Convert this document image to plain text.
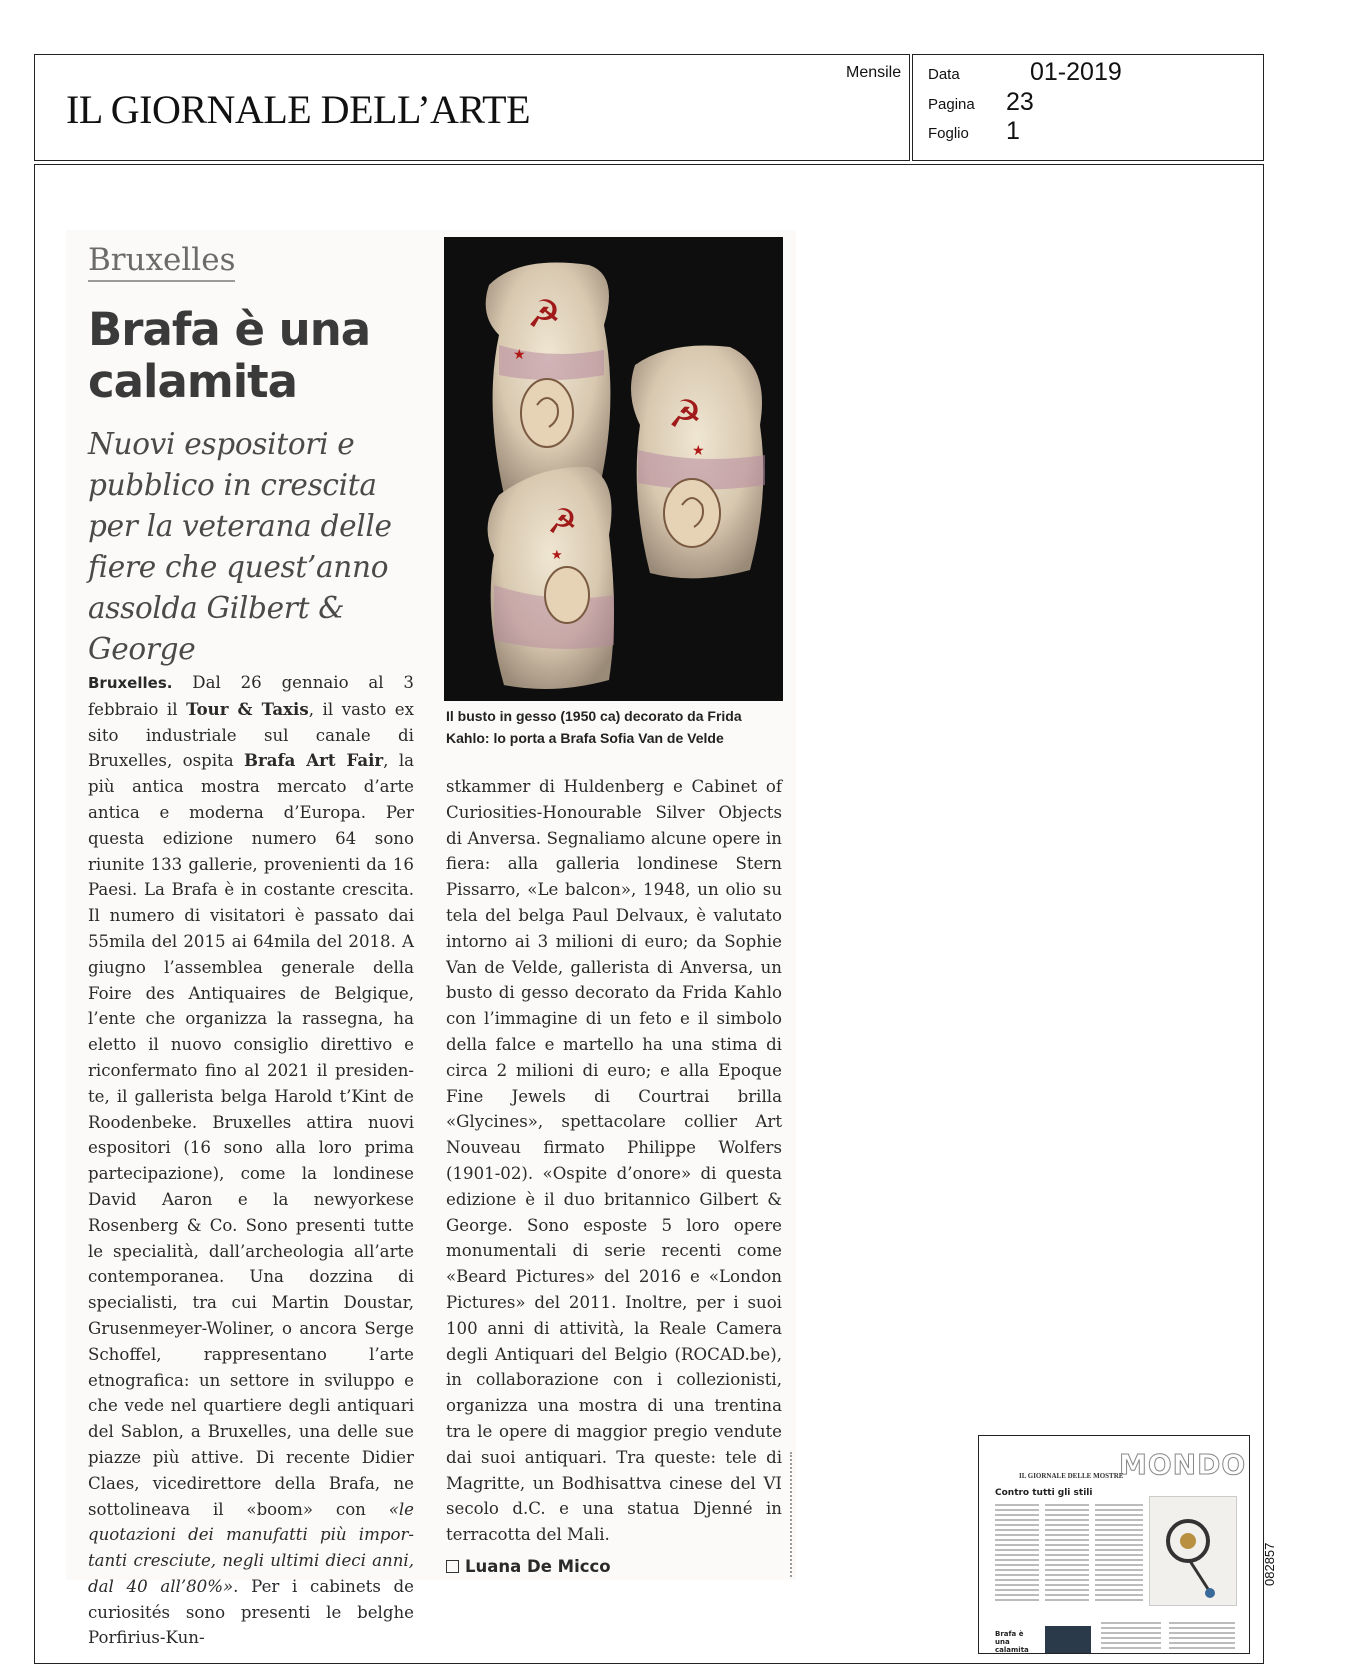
IL GIORNALE DELL’ARTE
Mensile Data	01-2019
Pagina 23
Foglio 1
Bruxelles
Brafa è una calamita
Nuovi espositori e pubblico in crescita per la veterana delle fiere che quest’anno assolda Gilbert & George
☭
★
☭
★
☭
★
Il busto in gesso (1950 ca) decorato da Frida Kahlo: lo porta a Brafa Sofia Van de Velde

Bruxelles. Dal 26 gennaio al 3 febbraio il Tour & Taxis, il vasto ex sito industriale sul canale di Bruxelles, ospita Brafa Art Fair, la più antica mostra mercato d’arte antica e moderna d’Europa. Per questa edizione numero 64 sono riunite 133 gallerie, provenienti da 16 Paesi. La Brafa è in costante crescita. Il numero di visitatori è passato dai 55mila del 2015 ai 64mila del 2018. A giugno l’assemblea generale della Foire des Antiquaires de Belgique, l’ente che organizza la rassegna, ha eletto il nuovo consiglio direttivo e riconfermato fino al 2021 il presidente, il gallerista belga Harold t’Kint de Roodenbeke. Bruxelles attira nuovi espositori (16 sono alla loro prima partecipazione), come la londinese David Aaron e la newyorkese Rosenberg & Co. Sono presenti tutte le specialità, dall’archeologia all’arte contemporanea. Una dozzina di specialisti, tra cui Martin Doustar, Grusenmeyer-Woliner, o ancora Serge Schoffel, rappresentano l’arte etnografica: un settore in sviluppo e che vede nel quartiere degli antiquari del Sablon, a Bruxelles, una delle sue piazze più attive. Di recente Didier Claes, vicedirettore della Brafa, ne sottolineava il «boom» con «le quotazioni dei manufatti più importanti cresciute, negli ultimi dieci anni, dal 40 all’80%». Per i cabinets de curiosités sono presenti le belghe Porfirius-Kun-

stkammer di Huldenberg e Cabinet of Curiosities-Honourable Silver Objects di Anversa. Segnaliamo alcune opere in fiera: alla galleria londinese Stern Pissarro, «Le balcon», 1948, un olio su tela del belga Paul Delvaux, è valutato intorno ai 3 milioni di euro; da Sophie Van de Velde, gallerista di Anversa, un busto di gesso decorato da Frida Kahlo con l’immagine di un feto e il simbolo della falce e martello ha una stima di circa 2 milioni di euro; e alla Epoque Fine Jewels di Courtrai brilla «Glycines», spettacolare collier Art Nouveau firmato Philippe Wolfers (1901-02). «Ospite d’onore» di questa edizione è il duo britannico Gilbert & George. Sono esposte 5 loro opere monumentali di serie recenti come «Beard Pictures» del 2016 e «London Pictures» del 2011. Inoltre, per i suoi 100 anni di attività, la Reale Camera degli Antiquari del Belgio (ROCAD.be), in collaborazione con i collezionisti, organizza una mostra di una trentina tra le opere di maggior pregio vendute dai suoi antiquari. Tra queste: tele di Magritte, un Bodhisattva cinese del VI secolo d.C. e una statua Djenné in terracotta del Mali.

Luana De Micco
MONDO
IL GIORNALE DELLE MOSTRE
Contro tutti gli stili
Brafa è una calamita
082857
